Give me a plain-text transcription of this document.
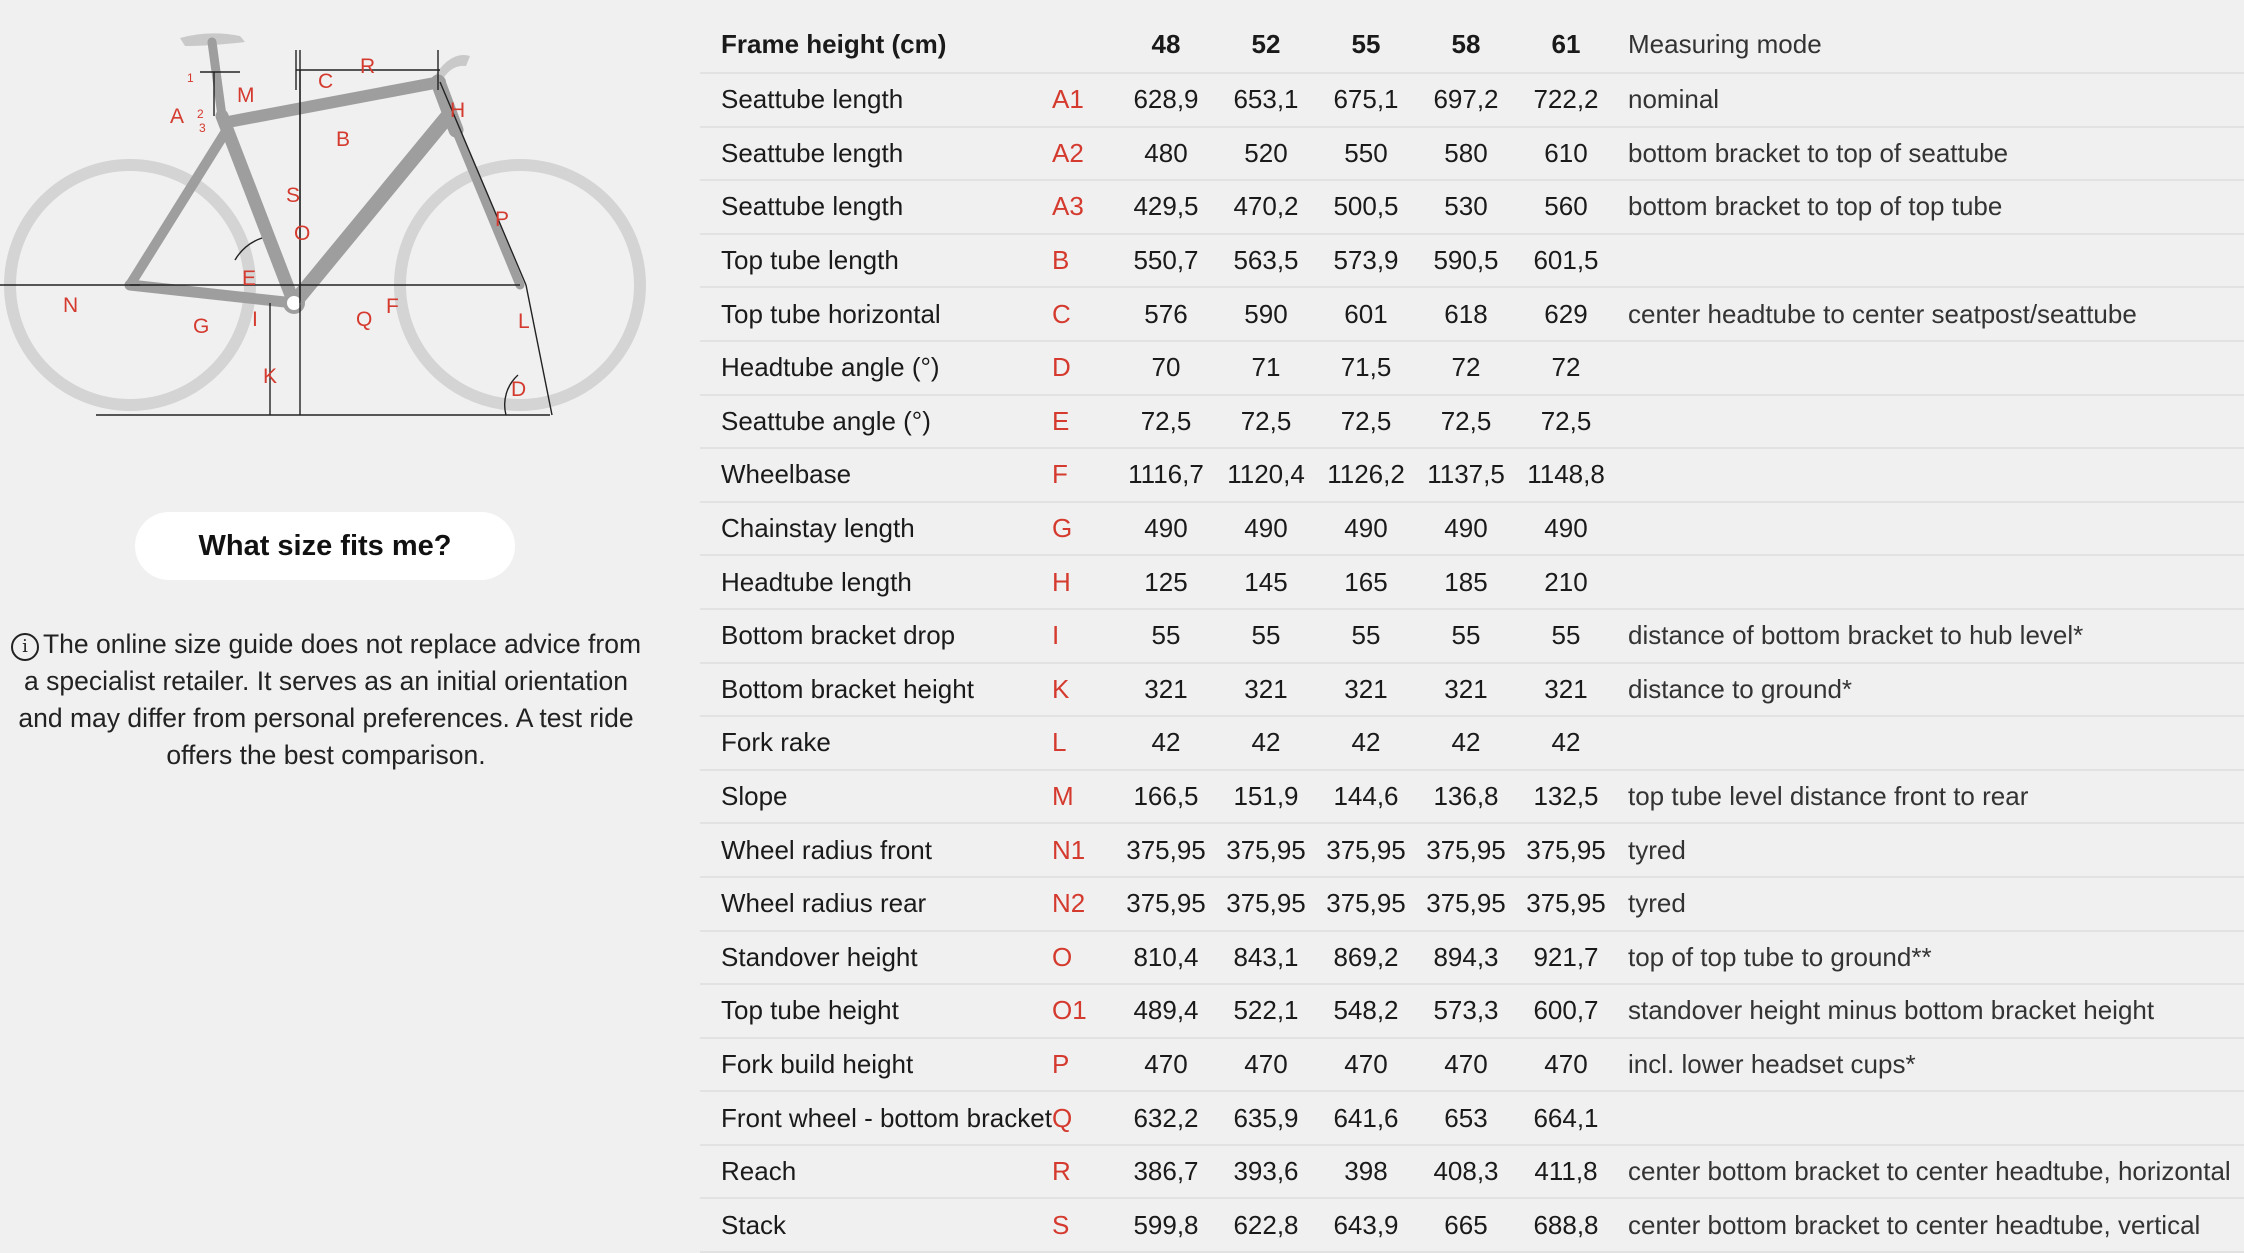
A
1
2
3
M
C
R
B
H
S
O
P
E
N
G I	Q
F
L
K
D
What size fits me?
i The online size guide does not replace advice from a specialist retailer. It serves as an initial orientation and may differ from personal preferences. A test ride offers the best comparison.
Frame height (cm)		48	52	55	58	61	Measuring mode
Seattube length	A1	628,9	653,1	675,1	697,2	722,2	nominal
Seattube length	A2	480	520	550	580	610	bottom bracket to top of seattube
Seattube length	A3	429,5	470,2	500,5	530	560	bottom bracket to top of top tube
Top tube length	B	550,7	563,5	573,9	590,5	601,5	
Top tube horizontal	C	576	590	601	618	629	center headtube to center seatpost/seattube
Headtube angle (°)	D	70	71	71,5	72	72	
Seattube angle (°)	E	72,5	72,5	72,5	72,5	72,5	
Wheelbase	F	1116,7	1120,4	1126,2	1137,5	1148,8	
Chainstay length	G	490	490	490	490	490	
Headtube length	H	125	145	165	185	210	
Bottom bracket drop	I	55	55	55	55	55	distance of bottom bracket to hub level*
Bottom bracket height	K	321	321	321	321	321	distance to ground*
Fork rake	L	42	42	42	42	42	
Slope	M	166,5	151,9	144,6	136,8	132,5	top tube level distance front to rear
Wheel radius front	N1	375,95	375,95	375,95	375,95	375,95	tyred
Wheel radius rear	N2	375,95	375,95	375,95	375,95	375,95	tyred
Standover height	O	810,4	843,1	869,2	894,3	921,7	top of top tube to ground**
Top tube height	O1	489,4	522,1	548,2	573,3	600,7	standover height minus bottom bracket height
Fork build height	P	470	470	470	470	470	incl. lower headset cups*
Front wheel - bottom bracket	Q	632,2	635,9	641,6	653	664,1	
Reach	R	386,7	393,6	398	408,3	411,8	center bottom bracket to center headtube, horizontal
Stack	S	599,8	622,8	643,9	665	688,8	center bottom bracket to center headtube, vertical
